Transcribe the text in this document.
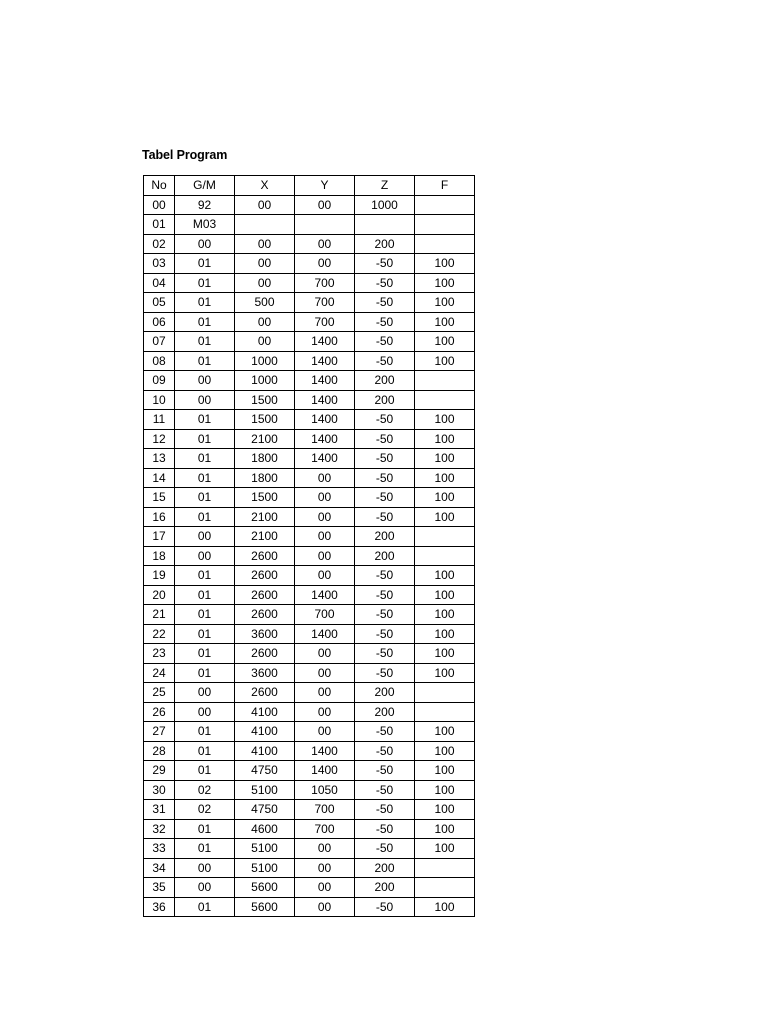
Tabel Program
No	G/M	X	Y	Z	F
00	92	00	00	1000	
01	M03				
02	00	00	00	200	
03	01	00	00	-50	100
04	01	00	700	-50	100
05	01	500	700	-50	100
06	01	00	700	-50	100
07	01	00	1400	-50	100
08	01	1000	1400	-50	100
09	00	1000	1400	200	
10	00	1500	1400	200	
11	01	1500	1400	-50	100
12	01	2100	1400	-50	100
13	01	1800	1400	-50	100
14	01	1800	00	-50	100
15	01	1500	00	-50	100
16	01	2100	00	-50	100
17	00	2100	00	200	
18	00	2600	00	200	
19	01	2600	00	-50	100
20	01	2600	1400	-50	100
21	01	2600	700	-50	100
22	01	3600	1400	-50	100
23	01	2600	00	-50	100
24	01	3600	00	-50	100
25	00	2600	00	200	
26	00	4100	00	200	
27	01	4100	00	-50	100
28	01	4100	1400	-50	100
29	01	4750	1400	-50	100
30	02	5100	1050	-50	100
31	02	4750	700	-50	100
32	01	4600	700	-50	100
33	01	5100	00	-50	100
34	00	5100	00	200	
35	00	5600	00	200	
36	01	5600	00	-50	100
